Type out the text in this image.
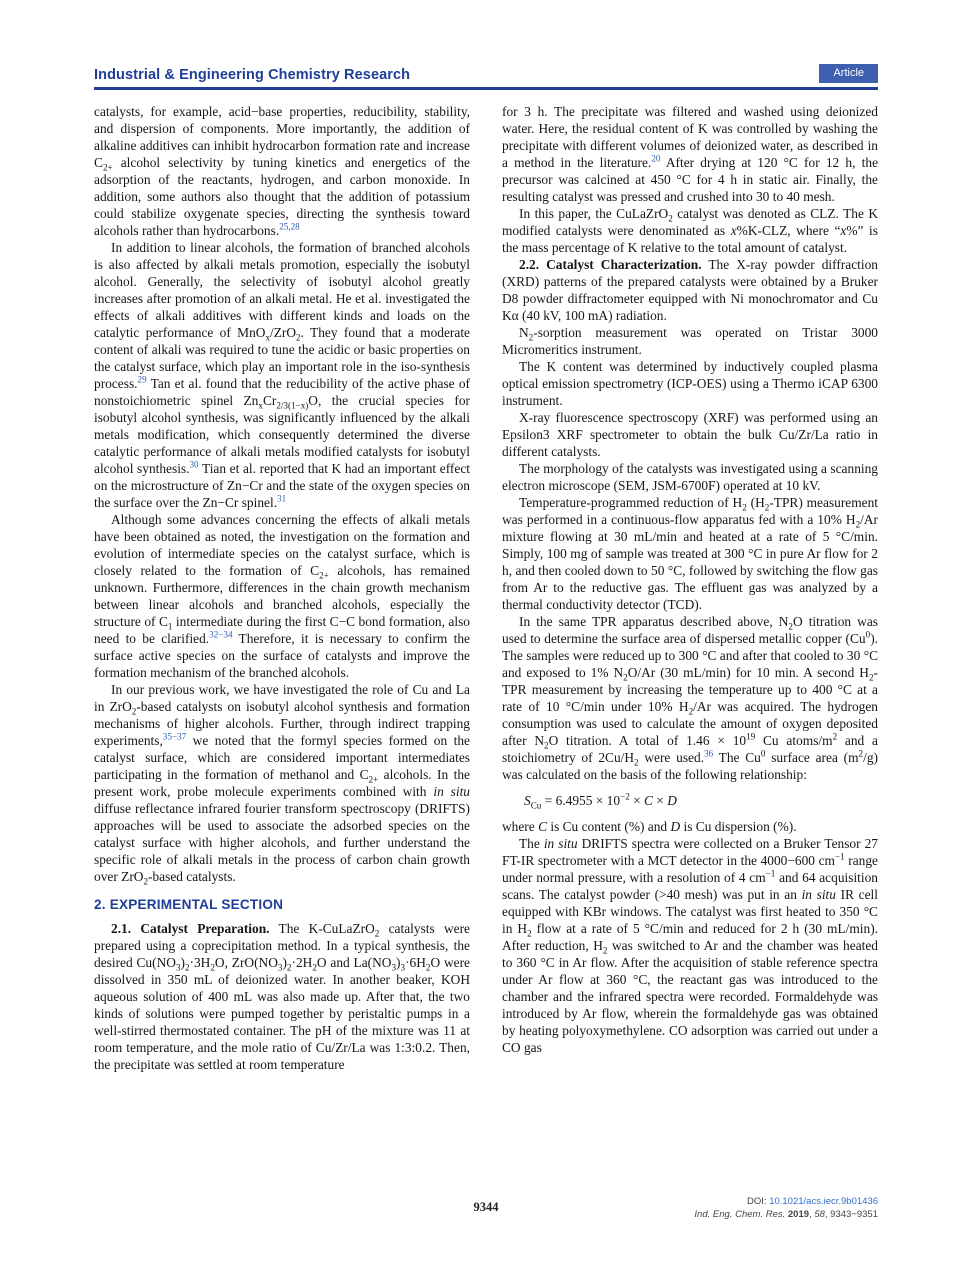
Industrial & Engineering Chemistry Research	Article

catalysts, for example, acid−base properties, reducibility, stability, and dispersion of components. More importantly, the addition of alkaline additives can inhibit hydrocarbon formation rate and increase $C_{2+}$ alcohol selectivity by tuning kinetics and energetics of the adsorption of the reactants, hydrogen, and carbon monoxide. In addition, some authors also thought that the addition of potassium could stabilize oxygenate species, directing the synthesis toward alcohols rather than hydrocarbons.$^{25,28}$

In addition to linear alcohols, the formation of branched alcohols is also affected by alkali metals promotion, especially the isobutyl alcohol. Generally, the selectivity of isobutyl alcohol greatly increases after promotion of an alkali metal. He et al. investigated the effects of alkali additives with different kinds and loads on the catalytic performance of MnO$_x$/ZrO$_2$. They found that a moderate content of alkali was required to tune the acidic or basic properties on the catalyst surface, which play an important role in the iso-synthesis process.$^{29}$ Tan et al. found that the reducibility of the active phase of nonstoichiometric spinel $Zn_xCr_{2/3(1-x)}O$, the crucial species for isobutyl alcohol synthesis, was significantly influenced by the alkali metals modification, which consequently determined the diverse catalytic performance of alkali metals modified catalysts for isobutyl alcohol synthesis.$^{30}$ Tian et al. reported that K had an important effect on the microstructure of Zn−Cr and the state of the oxygen species on the surface over the Zn−Cr spinel.$^{31}$

Although some advances concerning the effects of alkali metals have been obtained as noted, the investigation on the formation and evolution of intermediate species on the catalyst surface, which is closely related to the formation of $C_{2+}$ alcohols, has remained unknown. Furthermore, differences in the chain growth mechanism between linear alcohols and branched alcohols, especially the structure of $C_1$ intermediate during the first C−C bond formation, also need to be clarified.$^{32-34}$ Therefore, it is necessary to confirm the surface active species on the surface of catalysts and improve the formation mechanism of the branched alcohols.

In our previous work, we have investigated the role of Cu and La in ZrO$_2$-based catalysts on isobutyl alcohol synthesis and formation mechanisms of higher alcohols. Further, through indirect trapping experiments,$^{35-37}$ we noted that the formyl species formed on the catalyst surface, which are considered important intermediates participating in the formation of methanol and $C_{2+}$ alcohols. In the present work, probe molecule experiments combined with in situ diffuse reflectance infrared fourier transform spectroscopy (DRIFTS) approaches will be used to associate the adsorbed species on the catalyst surface with higher alcohols, and further understand the specific role of alkali metals in the process of carbon chain growth over ZrO$_2$-based catalysts.

2. EXPERIMENTAL SECTION

2.1. Catalyst Preparation. The K-CuLaZrO$_2$ catalysts were prepared using a coprecipitation method. In a typical synthesis, the desired $Cu(NO_3)_2\cdot 3H_2O$, $ZrO(NO_3)_2\cdot 2H_2O$ and $La(NO_3)_3\cdot 6H_2O$ were dissolved in 350 mL of deionized water. In another beaker, KOH aqueous solution of 400 mL was also made up. After that, the two kinds of solutions were pumped together by peristaltic pumps in a well-stirred thermostated container. The pH of the mixture was 11 at room temperature, and the mole ratio of Cu/Zr/La was 1:3:0.2. Then, the precipitate was settled at room temperature

for 3 h. The precipitate was filtered and washed using deionized water. Here, the residual content of K was controlled by washing the precipitate with different volumes of deionized water, as described in a method in the literature.$^{20}$ After drying at 120 °C for 12 h, the precursor was calcined at 450 °C for 4 h in static air. Finally, the resulting catalyst was pressed and crushed into 30 to 40 mesh.

In this paper, the CuLaZrO$_2$ catalyst was denoted as CLZ. The K modified catalysts were denominated as x%K-CLZ, where “x%” is the mass percentage of K relative to the total amount of catalyst.

2.2. Catalyst Characterization. The X-ray powder diffraction (XRD) patterns of the prepared catalysts were obtained by a Bruker D8 powder diffractometer equipped with Ni monochromator and Cu Kα (40 kV, 100 mA) radiation.

$N_2$-sorption measurement was operated on Tristar 3000 Micromeritics instrument.

The K content was determined by inductively coupled plasma optical emission spectrometry (ICP-OES) using a Thermo iCAP 6300 instrument.

X-ray fluorescence spectroscopy (XRF) was performed using an Epsilon3 XRF spectrometer to obtain the bulk Cu/Zr/La ratio in different catalysts.

The morphology of the catalysts was investigated using a scanning electron microscope (SEM, JSM-6700F) operated at 10 kV.

Temperature-programmed reduction of $H_2$ $(H_2-TPR)$ measurement was performed in a continuous-flow apparatus fed with a 10% $H_2/Ar$ mixture flowing at 30 mL/min and heated at a rate of 5 °C/min. Simply, 100 mg of sample was treated at 300 °C in pure Ar flow for 2 h, and then cooled down to 50 °C, followed by switching the flow gas from Ar to the reductive gas. The effluent gas was analyzed by a thermal conductivity detector (TCD).

In the same TPR apparatus described above, $N_2O$ titration was used to determine the surface area of dispersed metallic copper (Cu$^0$). The samples were reduced up to 300 °C and after that cooled to 30 °C and exposed to 1% $N_2O/Ar$ (30 mL/min) for 10 min. A second $H_2$-TPR measurement by increasing the temperature up to 400 °C at a rate of 10 °C/min under 10% $H_2/Ar$ was acquired. The hydrogen consumption was used to calculate the amount of oxygen deposited after $N_2O$ titration. A total of $1.46 \times 10^{19}$ Cu atoms/$m^2$ and a stoichiometry of $2Cu/H_2$ were used.$^{36}$ The Cu$^0$ surface area $(m^2/g)$ was calculated on the basis of the following relationship:

$S_{Cu} = 6.4955 \times 10^{-2} \times C \times D$

where C is Cu content (%) and D is Cu dispersion (%).

The in situ DRIFTS spectra were collected on a Bruker Tensor 27 FT-IR spectrometer with a MCT detector in the 4000−600 $cm^{-1}$ range under normal pressure, with a resolution of 4 $cm^{-1}$ and 64 acquisition scans. The catalyst powder (>40 mesh) was put in an in situ IR cell equipped with KBr windows. The catalyst was first heated to 350 °C in $H_2$ flow at a rate of 5 °C/min and reduced for 2 h (30 mL/min). After reduction, $H_2$ was switched to Ar and the chamber was heated to 360 °C in Ar flow. After the acquisition of stable reference spectra under Ar flow at 360 °C, the reactant gas was introduced to the chamber and the infrared spectra were recorded. Formaldehyde was introduced by Ar flow, wherein the formaldehyde gas was obtained by heating polyoxymethylene. CO adsorption was carried out under a CO gas

9344	DOI: 10.1021/acs.iecr.9b01436
Ind. Eng. Chem. Res. 2019, 58, 9343−9351
